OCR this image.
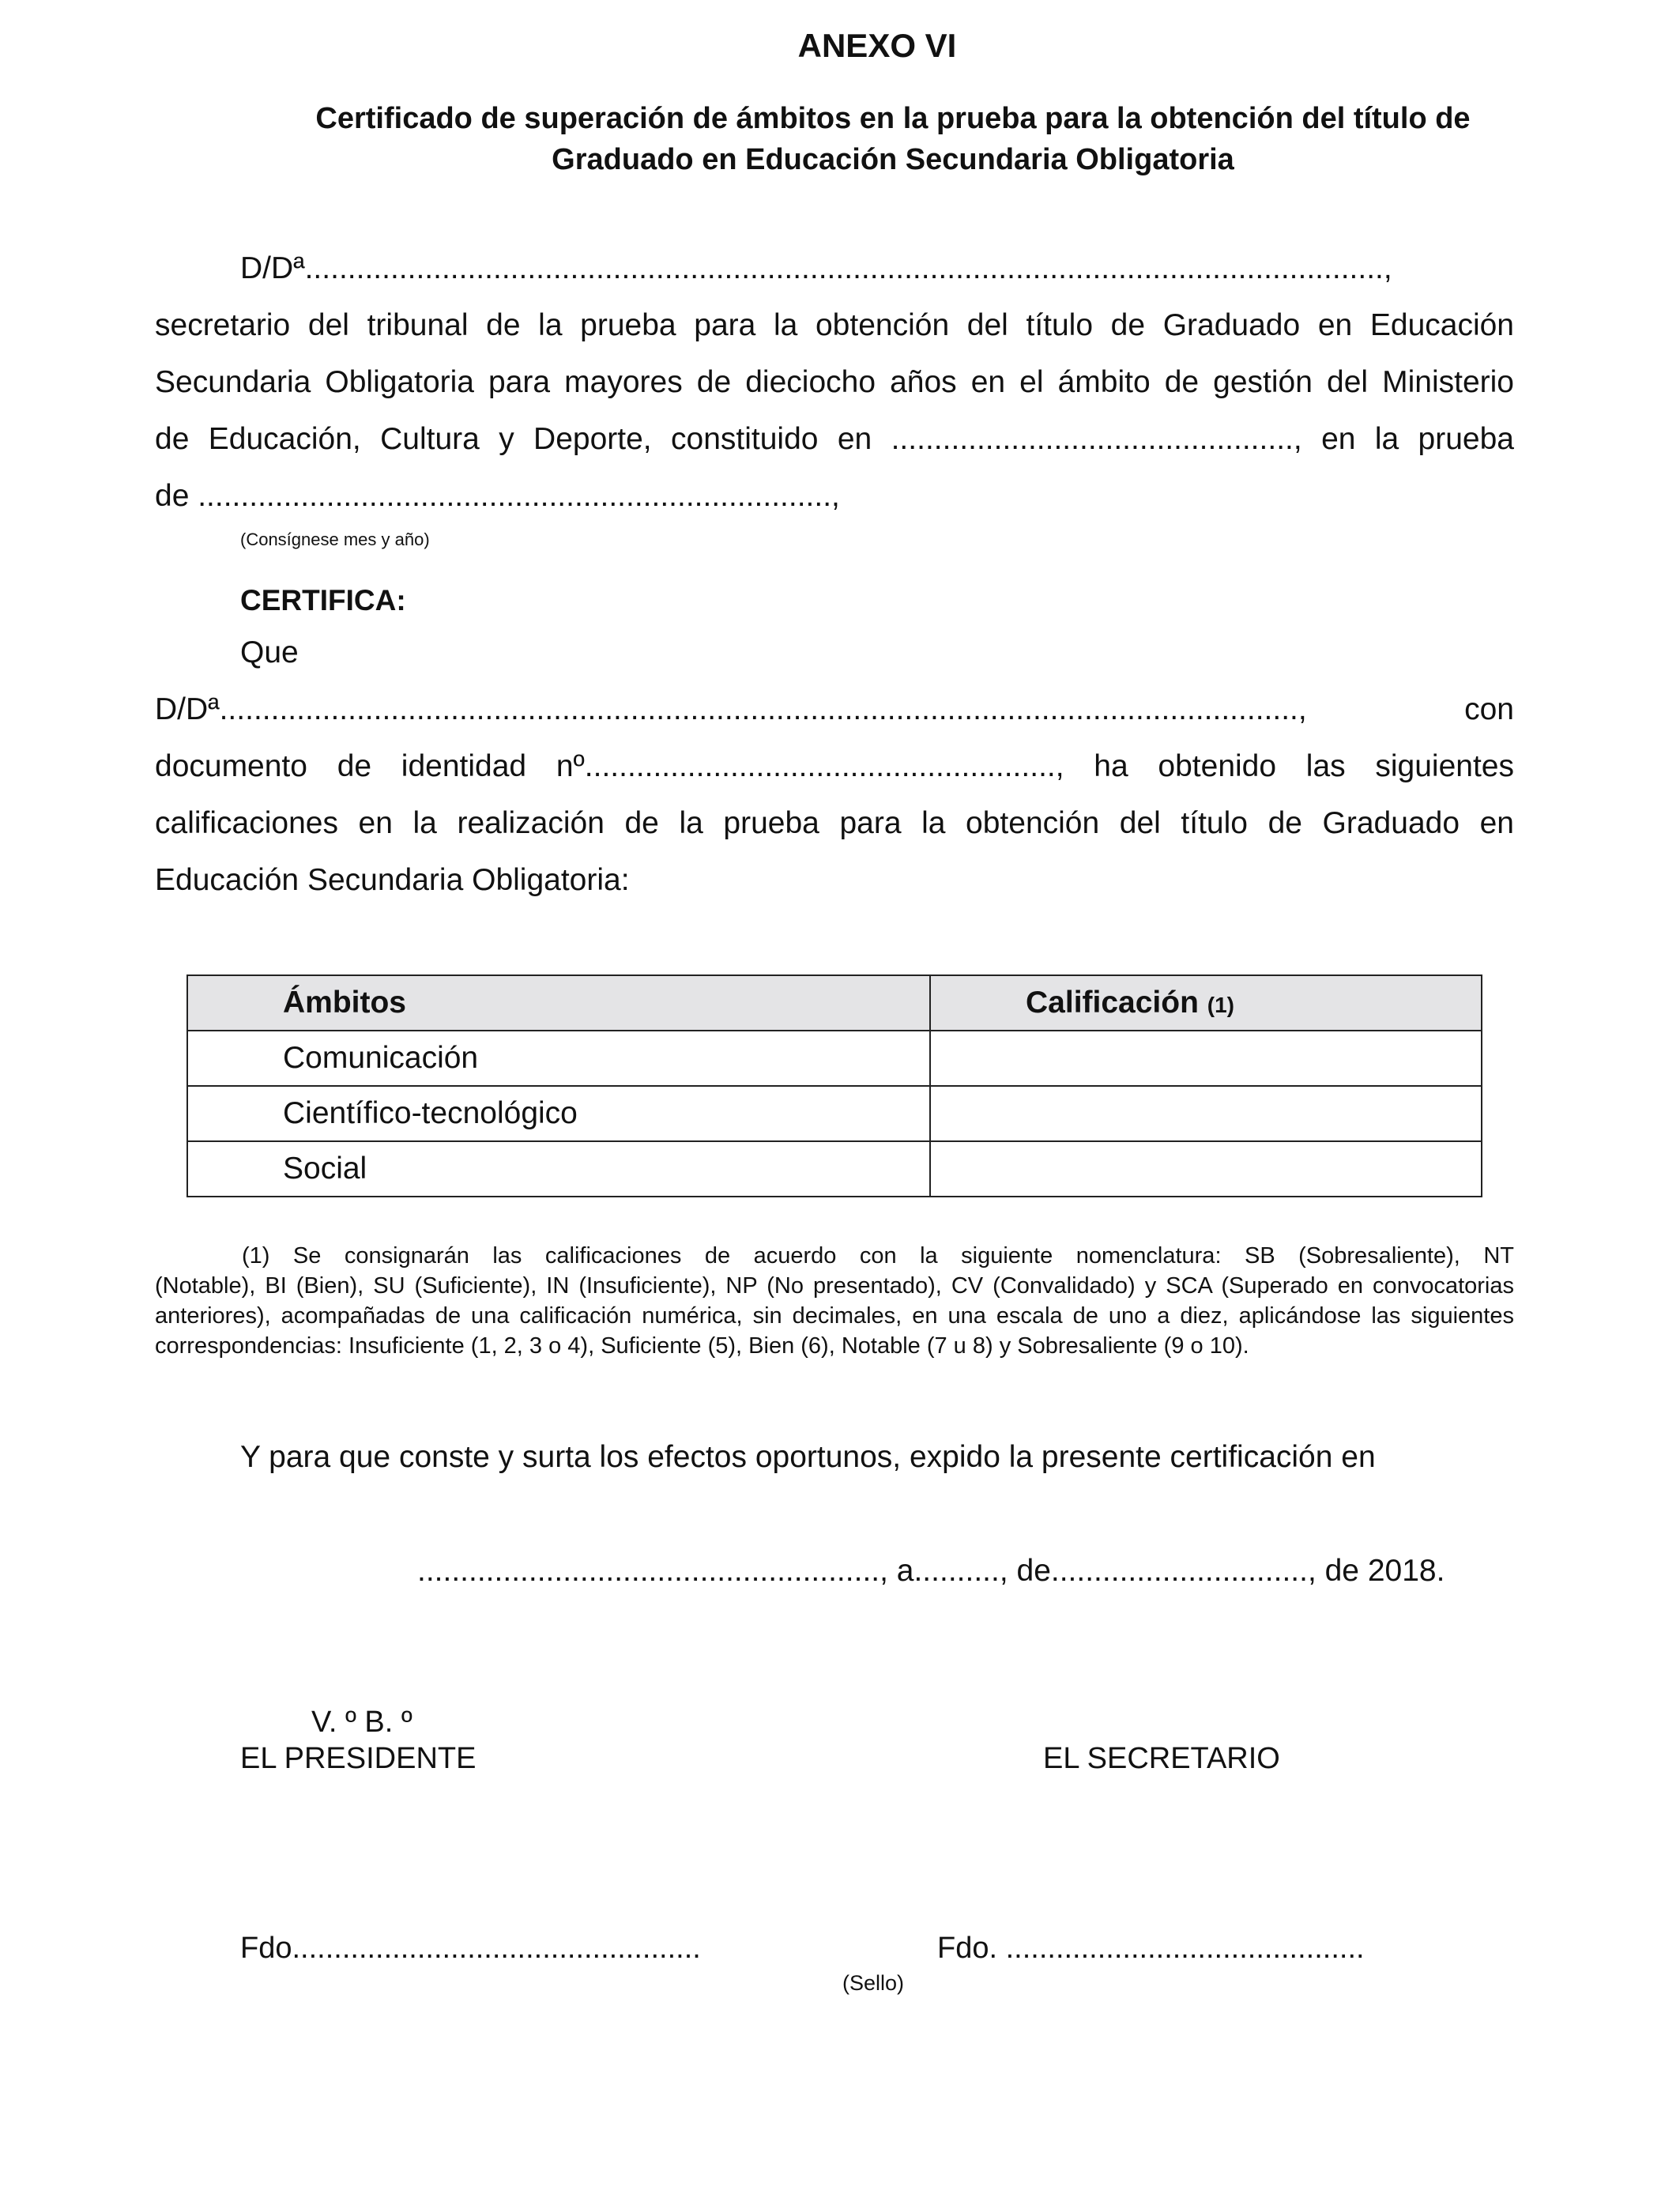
ANEXO VI
Certificado de superación de ámbitos en la prueba para la obtención del título de
Graduado en Educación Secundaria Obligatoria
D/Dª..............................................................................................................................,
secretario del tribunal de la prueba para la obtención del título de Graduado en Educación
Secundaria Obligatoria para mayores de dieciocho años en el ámbito de gestión del Ministerio
de Educación, Cultura y Deporte, constituido en ..............................................., en la prueba
de ..........................................................................,
(Consígnese mes y año)
CERTIFICA:
Que
D/Dª.............................................................................................................................., con
documento de identidad nº......................................................., ha obtenido las siguientes
calificaciones en la realización de la prueba para la obtención del título de Graduado en
Educación Secundaria Obligatoria:
Ámbitos	Calificación (1)
Comunicación	
Científico-tecnológico	
Social	
(1) Se consignarán las calificaciones de acuerdo con la siguiente nomenclatura: SB (Sobresaliente), NT
(Notable), BI (Bien), SU (Suficiente), IN (Insuficiente), NP (No presentado), CV (Convalidado) y SCA (Superado en convocatorias anteriores), acompañadas de una calificación numérica, sin decimales, en una escala de uno a diez, aplicándose las siguientes correspondencias: Insuficiente (1, 2, 3 o 4), Suficiente (5), Bien (6), Notable (7 u 8) y Sobresaliente (9 o 10).
Y para que conste y surta los efectos oportunos, expido la presente certificación en
......................................................, a.........., de.............................., de 2018.
V. º B. º
EL PRESIDENTE	EL SECRETARIO
Fdo.................................................	Fdo. ...........................................
(Sello)
